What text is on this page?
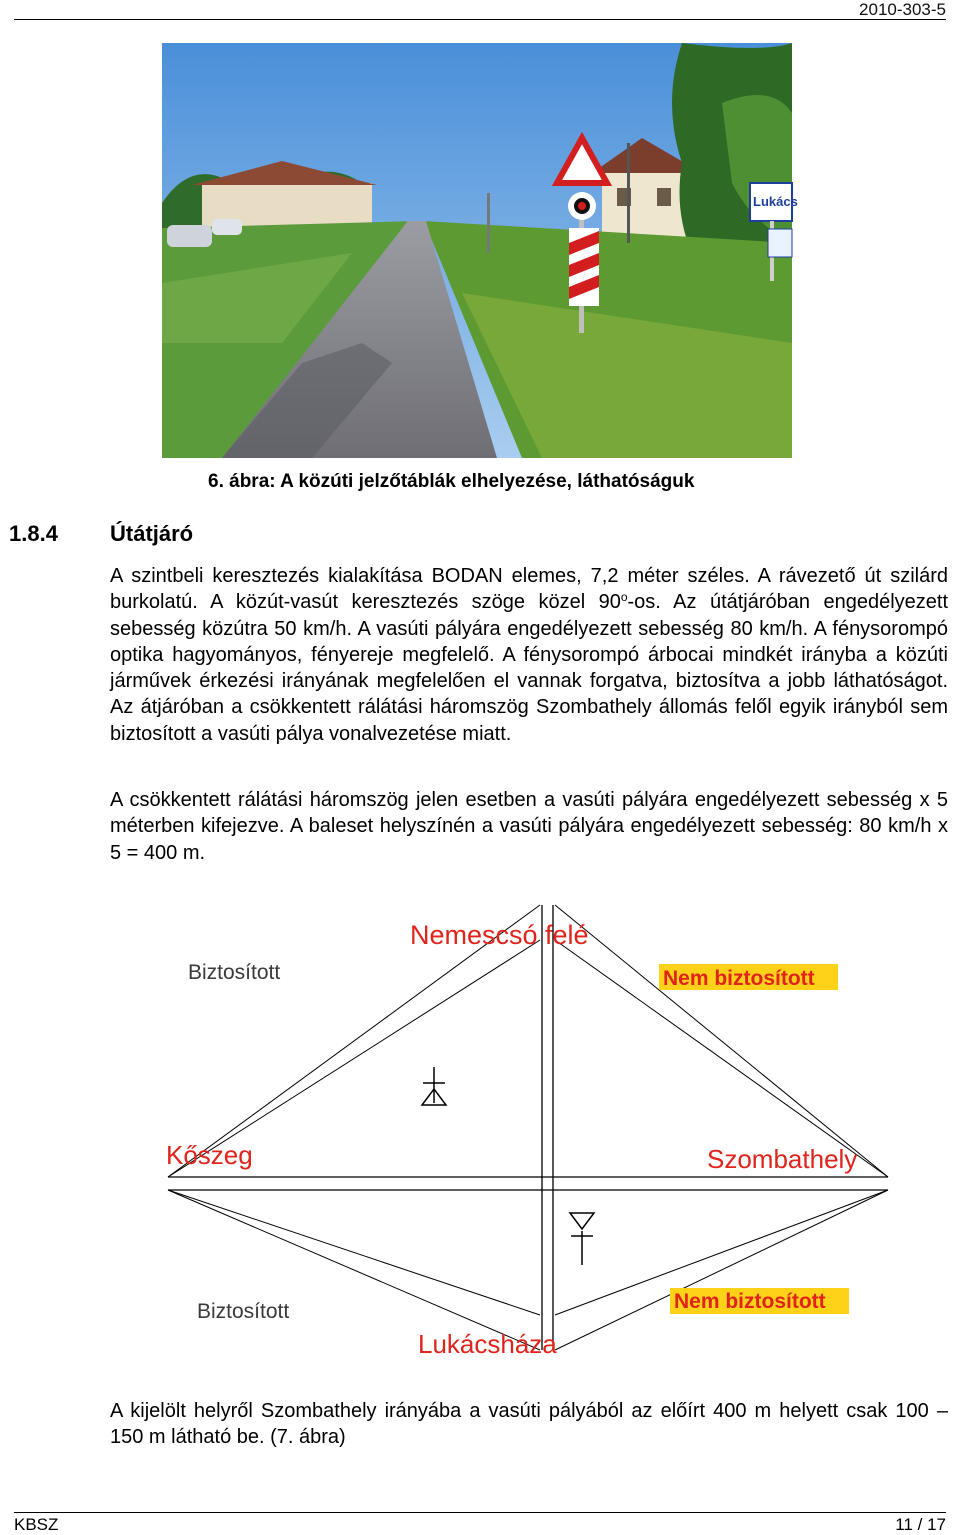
2010-303-5
Lukács
6. ábra: A közúti jelzőtáblák elhelyezése, láthatóságuk
1.8.4 Útátjáró

A szintbeli keresztezés kialakítása BODAN elemes, 7,2 méter széles. A rávezető út szilárd burkolatú. A közút-vasút keresztezés szöge közel 90$^o$-os. Az útátjáróban engedélyezett sebesség közútra 50 km/h. A vasúti pályára engedélyezett sebesség 80 km/h. A fénysorompó optika hagyományos, fényereje megfelelő. A fénysorompó árbocai mindkét irányba a közúti járművek érkezési irányának megfelelően el vannak forgatva, biztosítva a jobb láthatóságot. Az átjáróban a csökkentett rálátási háromszög Szombathely állomás felől egyik irányból sem biztosított a vasúti pálya vonalvezetése miatt.

A csökkentett rálátási háromszög jelen esetben a vasúti pályára engedélyezett sebesség x 5 méterben kifejezve. A baleset helyszínén a vasúti pályára engedélyezett sebesség: 80 km/h x 5 = 400 m.

Nemescsó felé
Biztosított	Nem biztosított
Kőszeg	Szombathely
Biztosított	Nem biztosított
Lukácsháza

A kijelölt helyről Szombathely irányába a vasúti pályából az előírt 400 m helyett csak 100 – 150 m látható be. (7. ábra)

KBSZ	11 / 17
